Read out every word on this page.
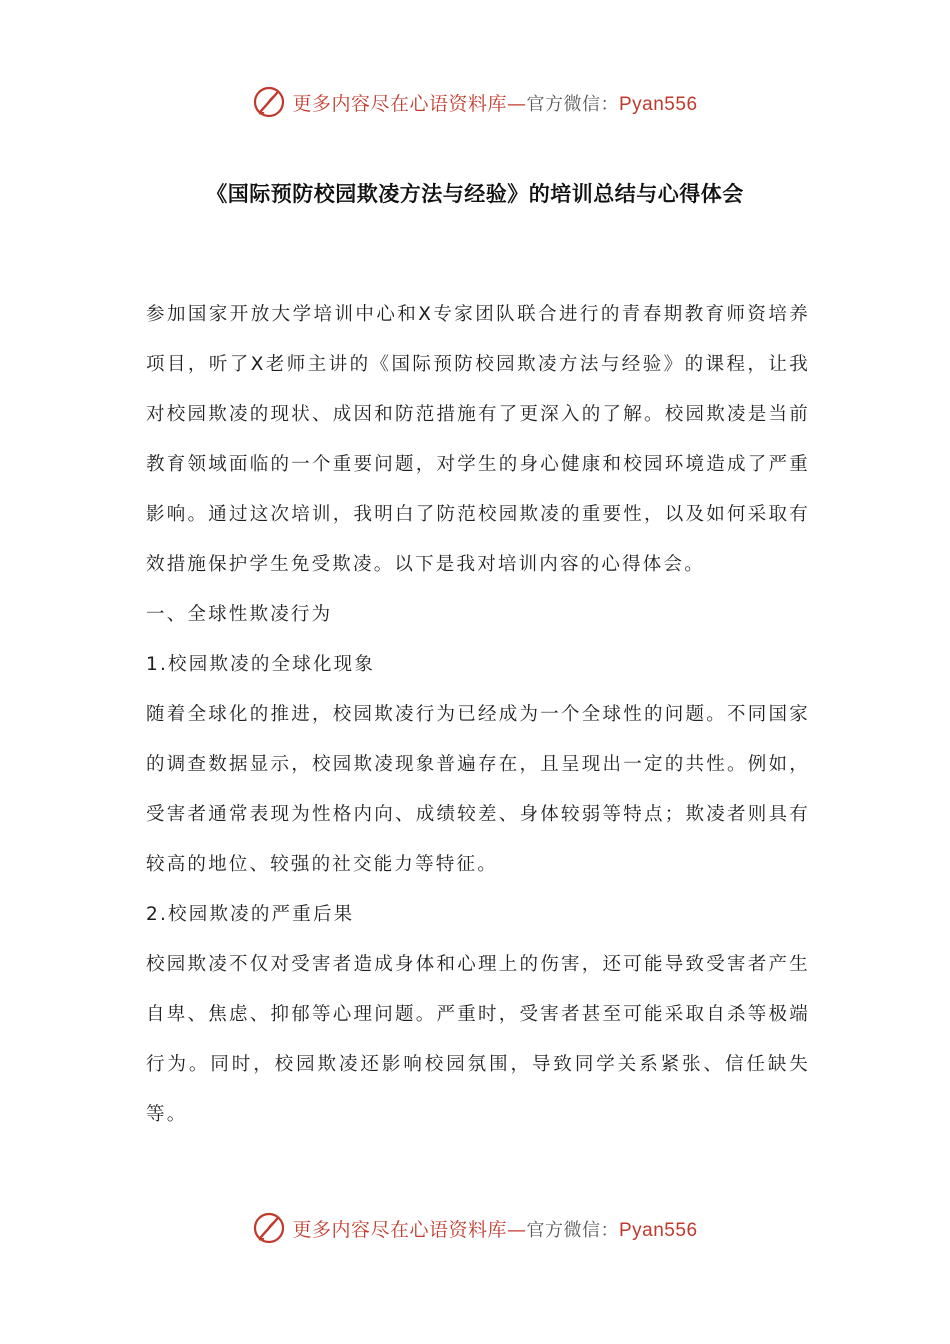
更多内容尽在心语资料库—官方微信：Pyan556
《国际预防校园欺凌方法与经验》的培训总结与心得体会

参加国家开放大学培训中心和X专家团队联合进行的青春期教育师资培养项目，听了X老师主讲的《国际预防校园欺凌方法与经验》的课程，让我对校园欺凌的现状、成因和防范措施有了更深入的了解。校园欺凌是当前教育领域面临的一个重要问题，对学生的身心健康和校园环境造成了严重影响。通过这次培训，我明白了防范校园欺凌的重要性，以及如何采取有效措施保护学生免受欺凌。以下是我对培训内容的心得体会。

一、全球性欺凌行为

1.校园欺凌的全球化现象

随着全球化的推进，校园欺凌行为已经成为一个全球性的问题。不同国家的调查数据显示，校园欺凌现象普遍存在，且呈现出一定的共性。例如，受害者通常表现为性格内向、成绩较差、身体较弱等特点；欺凌者则具有较高的地位、较强的社交能力等特征。

2.校园欺凌的严重后果

校园欺凌不仅对受害者造成身体和心理上的伤害，还可能导致受害者产生自卑、焦虑、抑郁等心理问题。严重时，受害者甚至可能采取自杀等极端行为。同时，校园欺凌还影响校园氛围，导致同学关系紧张、信任缺失等。

更多内容尽在心语资料库—官方微信：Pyan556
